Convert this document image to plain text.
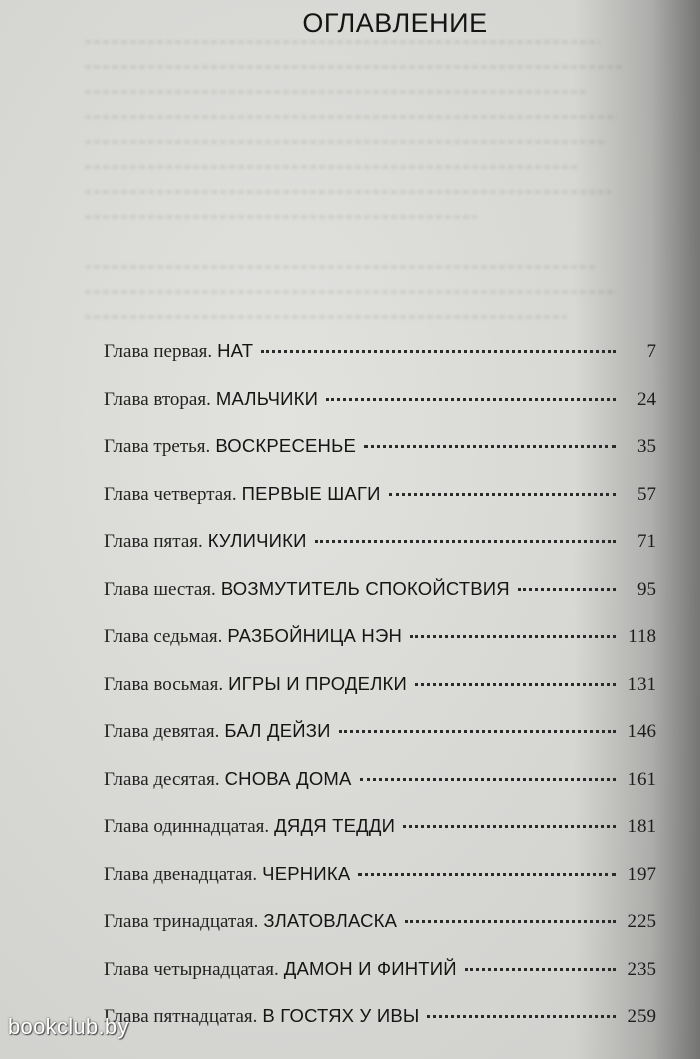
ОГЛАВЛЕНИЕ
Глава первая. НАТ	7
Глава вторая. МАЛЬЧИКИ	24
Глава третья. ВОСКРЕСЕНЬЕ	35
Глава четвертая. ПЕРВЫЕ ШАГИ	57
Глава пятая. КУЛИЧИКИ	71
Глава шестая. ВОЗМУТИТЕЛЬ СПОКОЙСТВИЯ	95
Глава седьмая. РАЗБОЙНИЦА НЭН	118
Глава восьмая. ИГРЫ И ПРОДЕЛКИ	131
Глава девятая. БАЛ ДЕЙЗИ	146
Глава десятая. СНОВА ДОМА	161
Глава одиннадцатая. ДЯДЯ ТЕДДИ	181
Глава двенадцатая. ЧЕРНИКА	197
Глава тринадцатая. ЗЛАТОВЛАСКА	225
Глава четырнадцатая. ДАМОН И ФИНТИЙ	235
Глава пятнадцатая. В ГОСТЯХ У ИВЫ	259
bookclub.by
